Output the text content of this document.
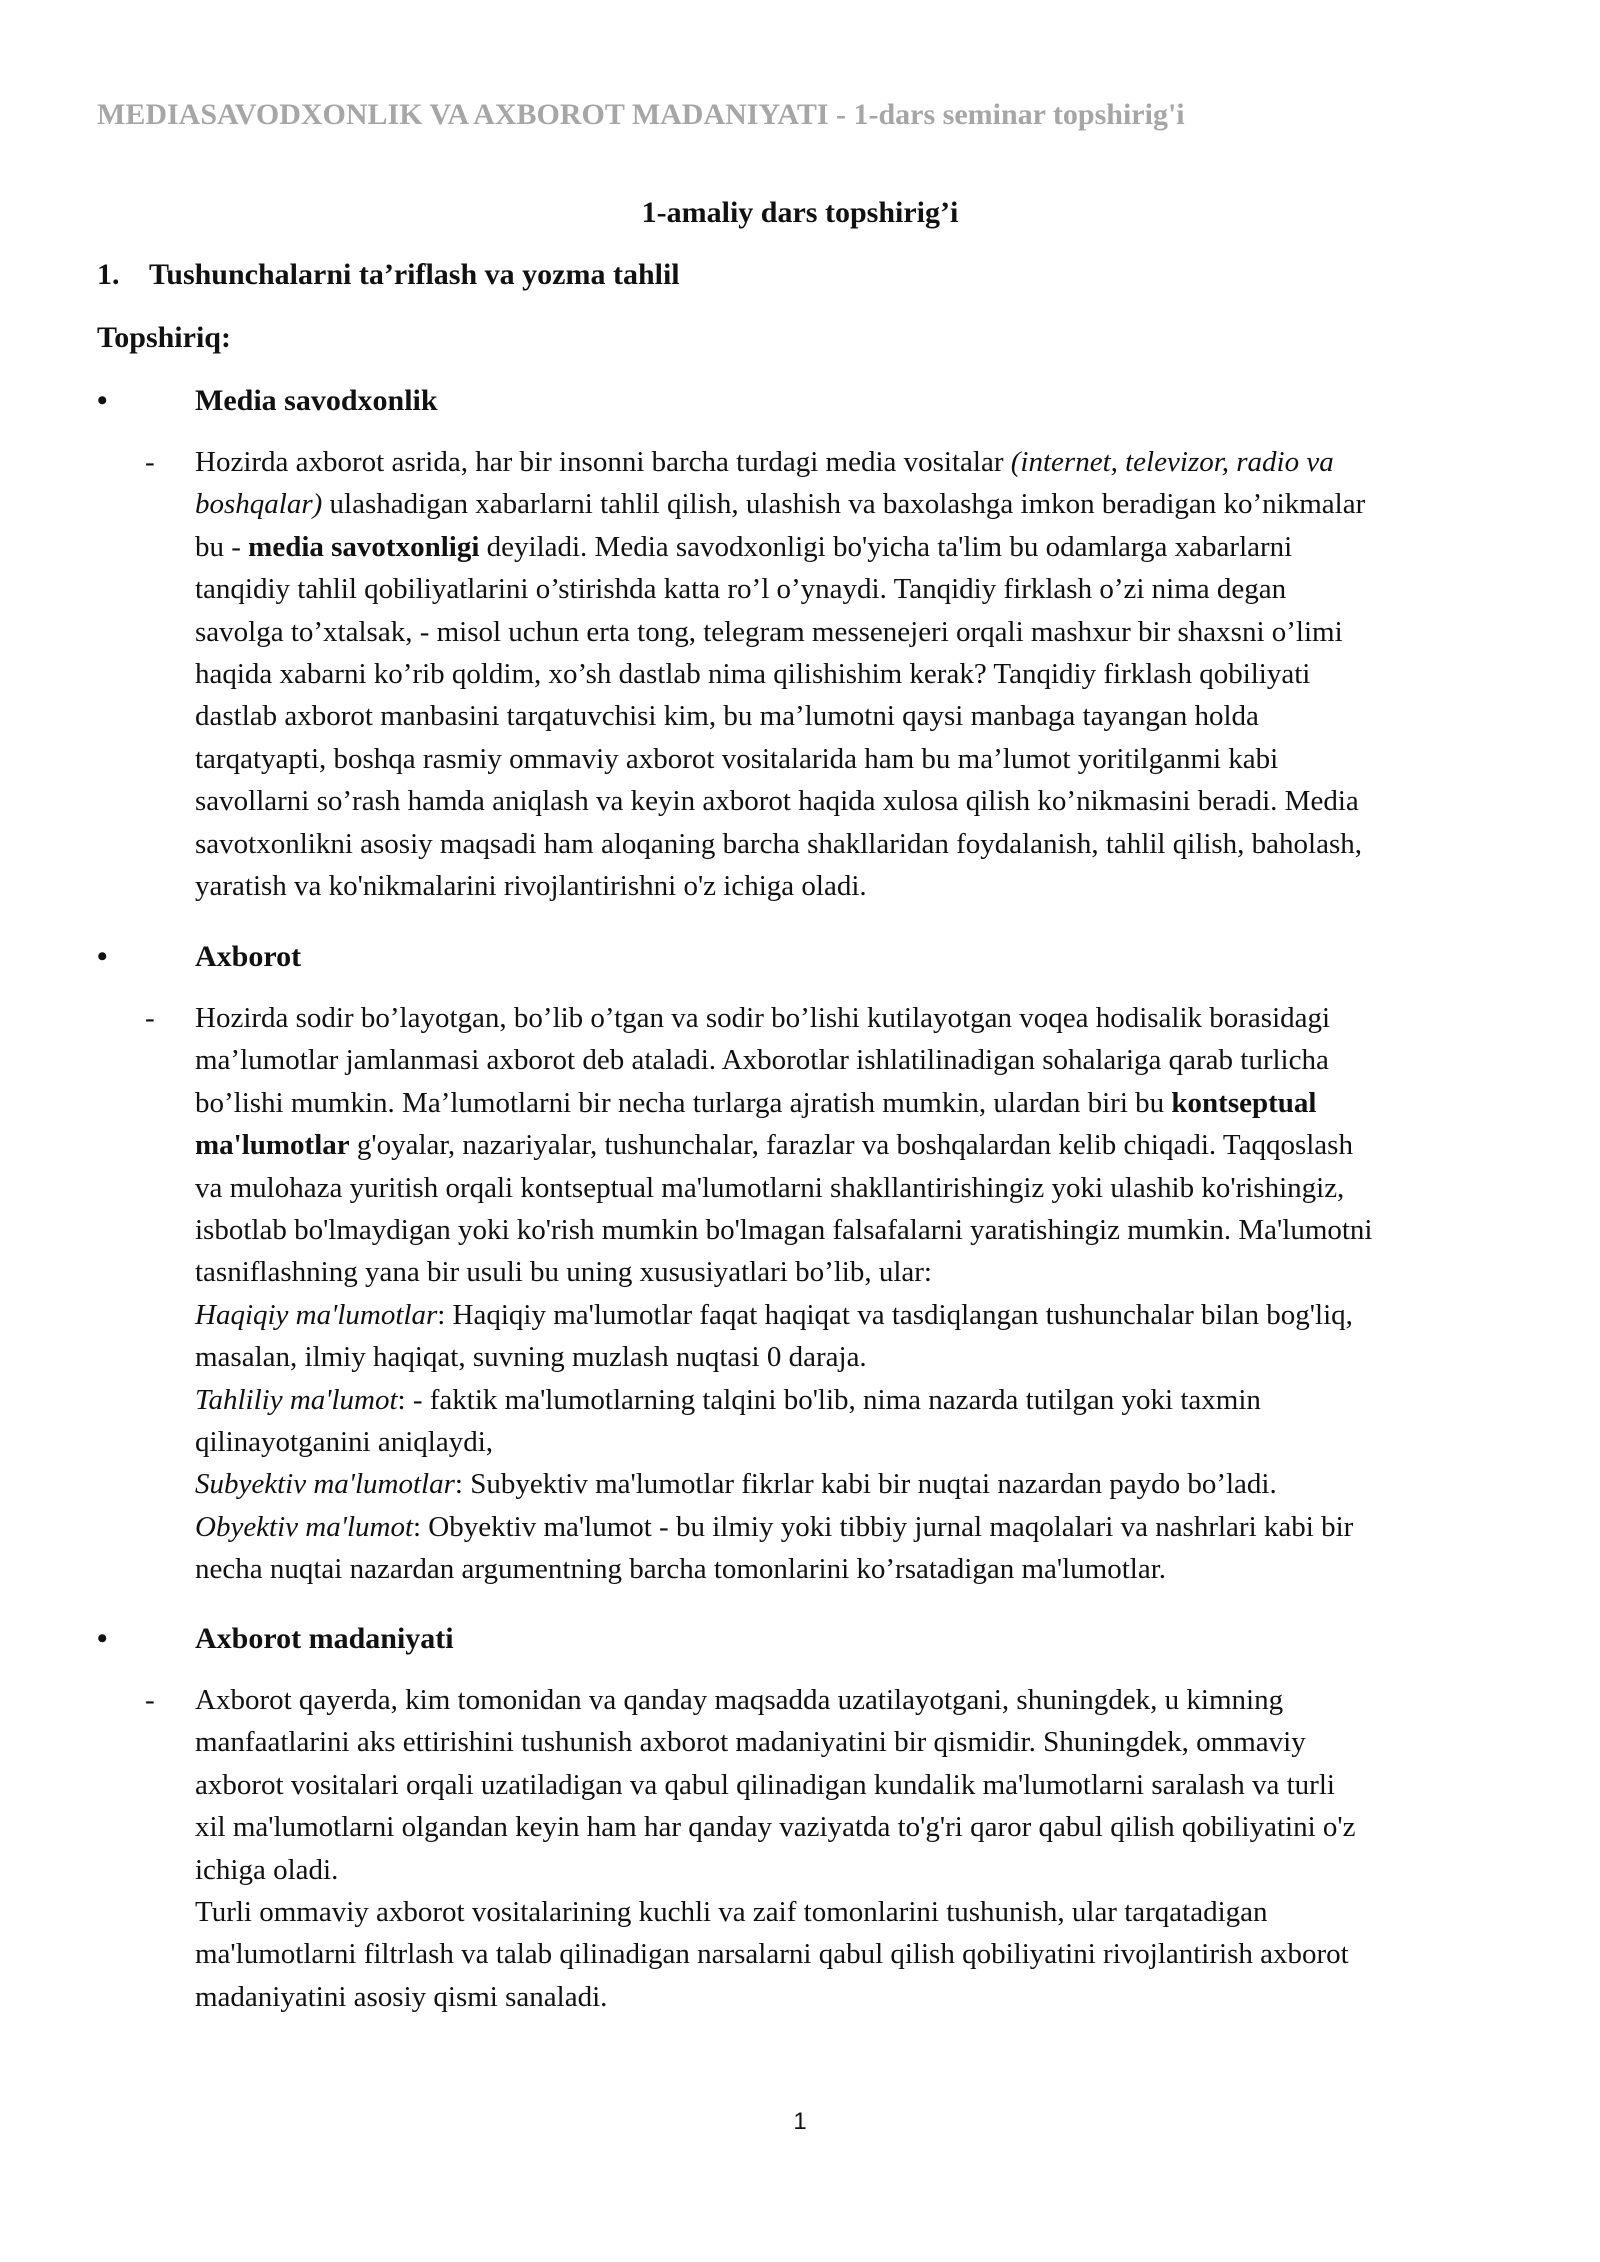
MEDIASAVODXONLIK VA AXBOROT MADANIYATI - 1-dars seminar topshirig'i
1-amaliy dars topshirig’i
1. Tushunchalarni ta’riflash va yozma tahlil
Topshiriq:
•	Media savodxonlik
- Hozirda axborot asrida, har bir insonni barcha turdagi media vositalar (internet, televizor, radio va
boshqalar) ulashadigan xabarlarni tahlil qilish, ulashish va baxolashga imkon beradigan ko’nikmalar
bu - media savotxonligi deyiladi. Media savodxonligi bo'yicha ta'lim bu odamlarga xabarlarni
tanqidiy tahlil qobiliyatlarini o’stirishda katta ro’l o’ynaydi. Tanqidiy firklash o’zi nima degan
savolga to’xtalsak, - misol uchun erta tong, telegram messenejeri orqali mashxur bir shaxsni o’limi
haqida xabarni ko’rib qoldim, xo’sh dastlab nima qilishishim kerak? Tanqidiy firklash qobiliyati
dastlab axborot manbasini tarqatuvchisi kim, bu ma’lumotni qaysi manbaga tayangan holda
tarqatyapti, boshqa rasmiy ommaviy axborot vositalarida ham bu ma’lumot yoritilganmi kabi
savollarni so’rash hamda aniqlash va keyin axborot haqida xulosa qilish ko’nikmasini beradi. Media
savotxonlikni asosiy maqsadi ham aloqaning barcha shakllaridan foydalanish, tahlil qilish, baholash,
yaratish va ko'nikmalarini rivojlantirishni o'z ichiga oladi.
•	Axborot
- Hozirda sodir bo’layotgan, bo’lib o’tgan va sodir bo’lishi kutilayotgan voqea hodisalik borasidagi
ma’lumotlar jamlanmasi axborot deb ataladi. Axborotlar ishlatilinadigan sohalariga qarab turlicha
bo’lishi mumkin. Ma’lumotlarni bir necha turlarga ajratish mumkin, ulardan biri bu kontseptual
ma'lumotlar g'oyalar, nazariyalar, tushunchalar, farazlar va boshqalardan kelib chiqadi. Taqqoslash
va mulohaza yuritish orqali kontseptual ma'lumotlarni shakllantirishingiz yoki ulashib ko'rishingiz,
isbotlab bo'lmaydigan yoki ko'rish mumkin bo'lmagan falsafalarni yaratishingiz mumkin. Ma'lumotni
tasniflashning yana bir usuli bu uning xususiyatlari bo’lib, ular:
Haqiqiy ma'lumotlar: Haqiqiy ma'lumotlar faqat haqiqat va tasdiqlangan tushunchalar bilan bog'liq,
masalan, ilmiy haqiqat, suvning muzlash nuqtasi 0 daraja.
Tahliliy ma'lumot: - faktik ma'lumotlarning talqini bo'lib, nima nazarda tutilgan yoki taxmin
qilinayotganini aniqlaydi,
Subyektiv ma'lumotlar: Subyektiv ma'lumotlar fikrlar kabi bir nuqtai nazardan paydo bo’ladi.
Obyektiv ma'lumot: Obyektiv ma'lumot - bu ilmiy yoki tibbiy jurnal maqolalari va nashrlari kabi bir
necha nuqtai nazardan argumentning barcha tomonlarini ko’rsatadigan ma'lumotlar.
•	Axborot madaniyati
- Axborot qayerda, kim tomonidan va qanday maqsadda uzatilayotgani, shuningdek, u kimning
manfaatlarini aks ettirishini tushunish axborot madaniyatini bir qismidir. Shuningdek, ommaviy
axborot vositalari orqali uzatiladigan va qabul qilinadigan kundalik ma'lumotlarni saralash va turli
xil ma'lumotlarni olgandan keyin ham har qanday vaziyatda to'g'ri qaror qabul qilish qobiliyatini o'z
ichiga oladi.
Turli ommaviy axborot vositalarining kuchli va zaif tomonlarini tushunish, ular tarqatadigan
ma'lumotlarni filtrlash va talab qilinadigan narsalarni qabul qilish qobiliyatini rivojlantirish axborot
madaniyatini asosiy qismi sanaladi.
1
